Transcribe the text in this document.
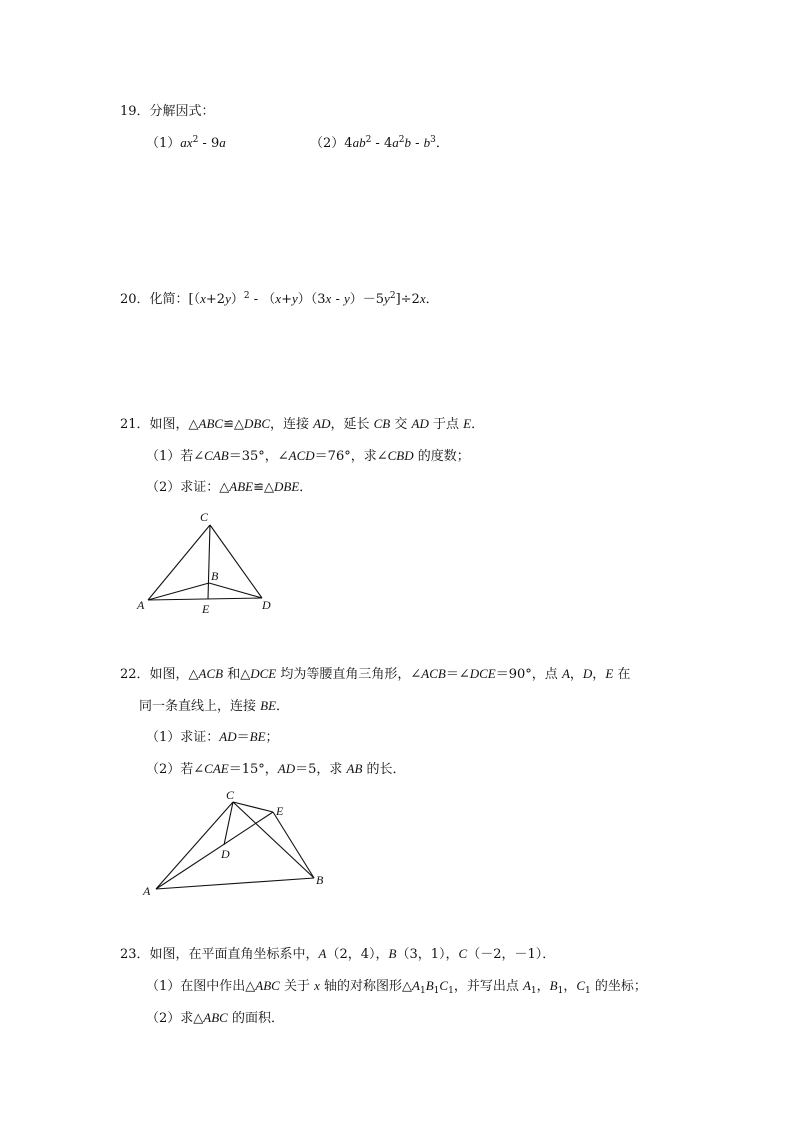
19．分解因式：
$(1)ax^2 - 9a$	$(2)4ab^2 - 4a^2b - b^3$．
20．化简：$[(x+2y)^2 - (x+y)(3x - y)-5y^2]\div 2x$．
21．如图，△ABC≌△DBC，连接 AD，延长 CB 交 AD 于点 E．
（1）若∠CAB＝35°，∠ACD＝76°，求∠CBD 的度数；
（2）求证：△ABE≌△DBE．
C
B
A	E	D
22．如图，△ACB 和△DCE 均为等腰直角三角形，∠ACB＝∠DCE＝90°，点 A，D，E 在
同一条直线上，连接 BE．
（1）求证：AD＝BE；
（2）若∠CAE＝15°，AD＝5，求 AB 的长．
C
E
D
A
B
23．如图，在平面直角坐标系中，A（2，4），B（3，1），C（－2，－1）．
（1）在图中作出△ABC 关于 x 轴的对称图形$\triangle A_1B_1C_1$，并写出点 $A_1$，$B_1$，$C_1$ 的坐标；
（2）求△ABC 的面积．
